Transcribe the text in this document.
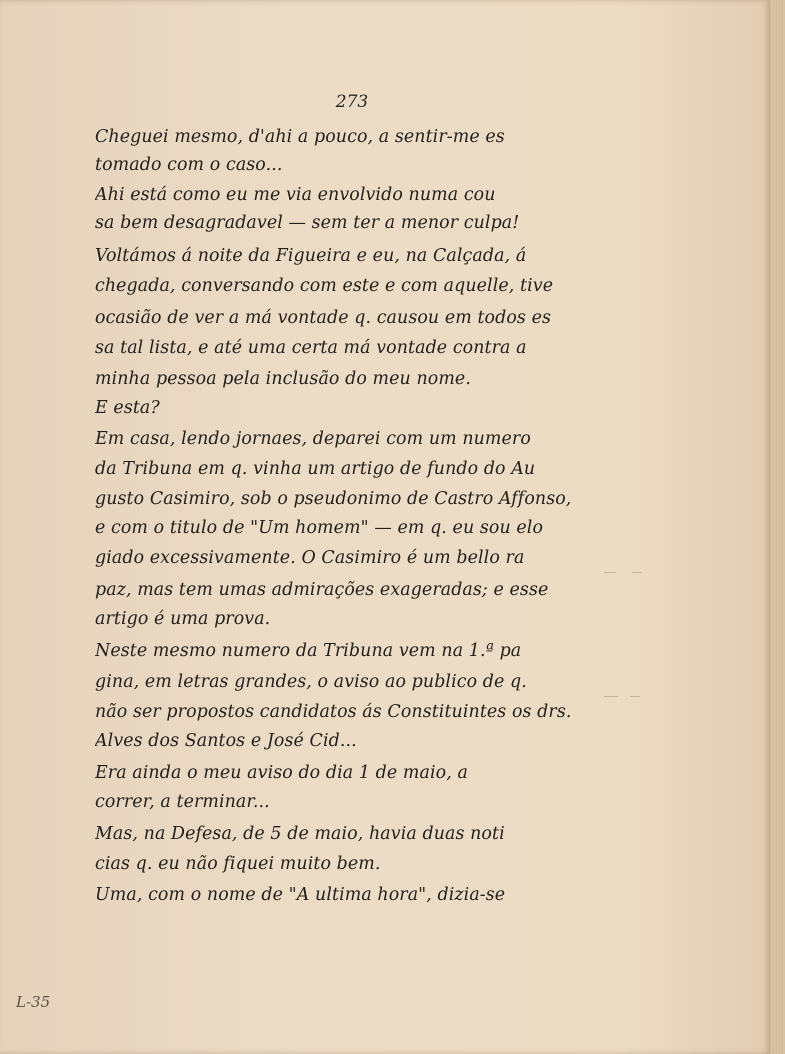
273
Cheguei mesmo, d'ahi a pouco, a sentir-me es
tomado com o caso...
Ahi está como eu me via envolvido numa cou
sa bem desagradavel — sem ter a menor culpa!
Voltámos á noite da Figueira e eu, na Calçada, á
chegada, conversando com este e com aquelle, tive
ocasião de ver a má vontade q. causou em todos es
sa tal lista, e até uma certa má vontade contra a
minha pessoa pela inclusão do meu nome.
E esta?
Em casa, lendo jornaes, deparei com um numero
da Tribuna em q. vinha um artigo de fundo do Au
gusto Casimiro, sob o pseudonimo de Castro Affonso,
e com o titulo de "Um homem" — em q. eu sou elo
giado excessivamente. O Casimiro é um bello ra
paz, mas tem umas admirações exageradas; e esse
artigo é uma prova.
Neste mesmo numero da Tribuna vem na 1.ª pa
gina, em letras grandes, o aviso ao publico de q.
não ser propostos candidatos ás Constituintes os drs.
Alves dos Santos e José Cid...
Era ainda o meu aviso do dia 1 de maio, a
correr, a terminar...
Mas, na Defesa, de 5 de maio, havia duas noti
cias q. eu não fiquei muito bem.
Uma, com o nome de "A ultima hora", dizia-se
L-35
